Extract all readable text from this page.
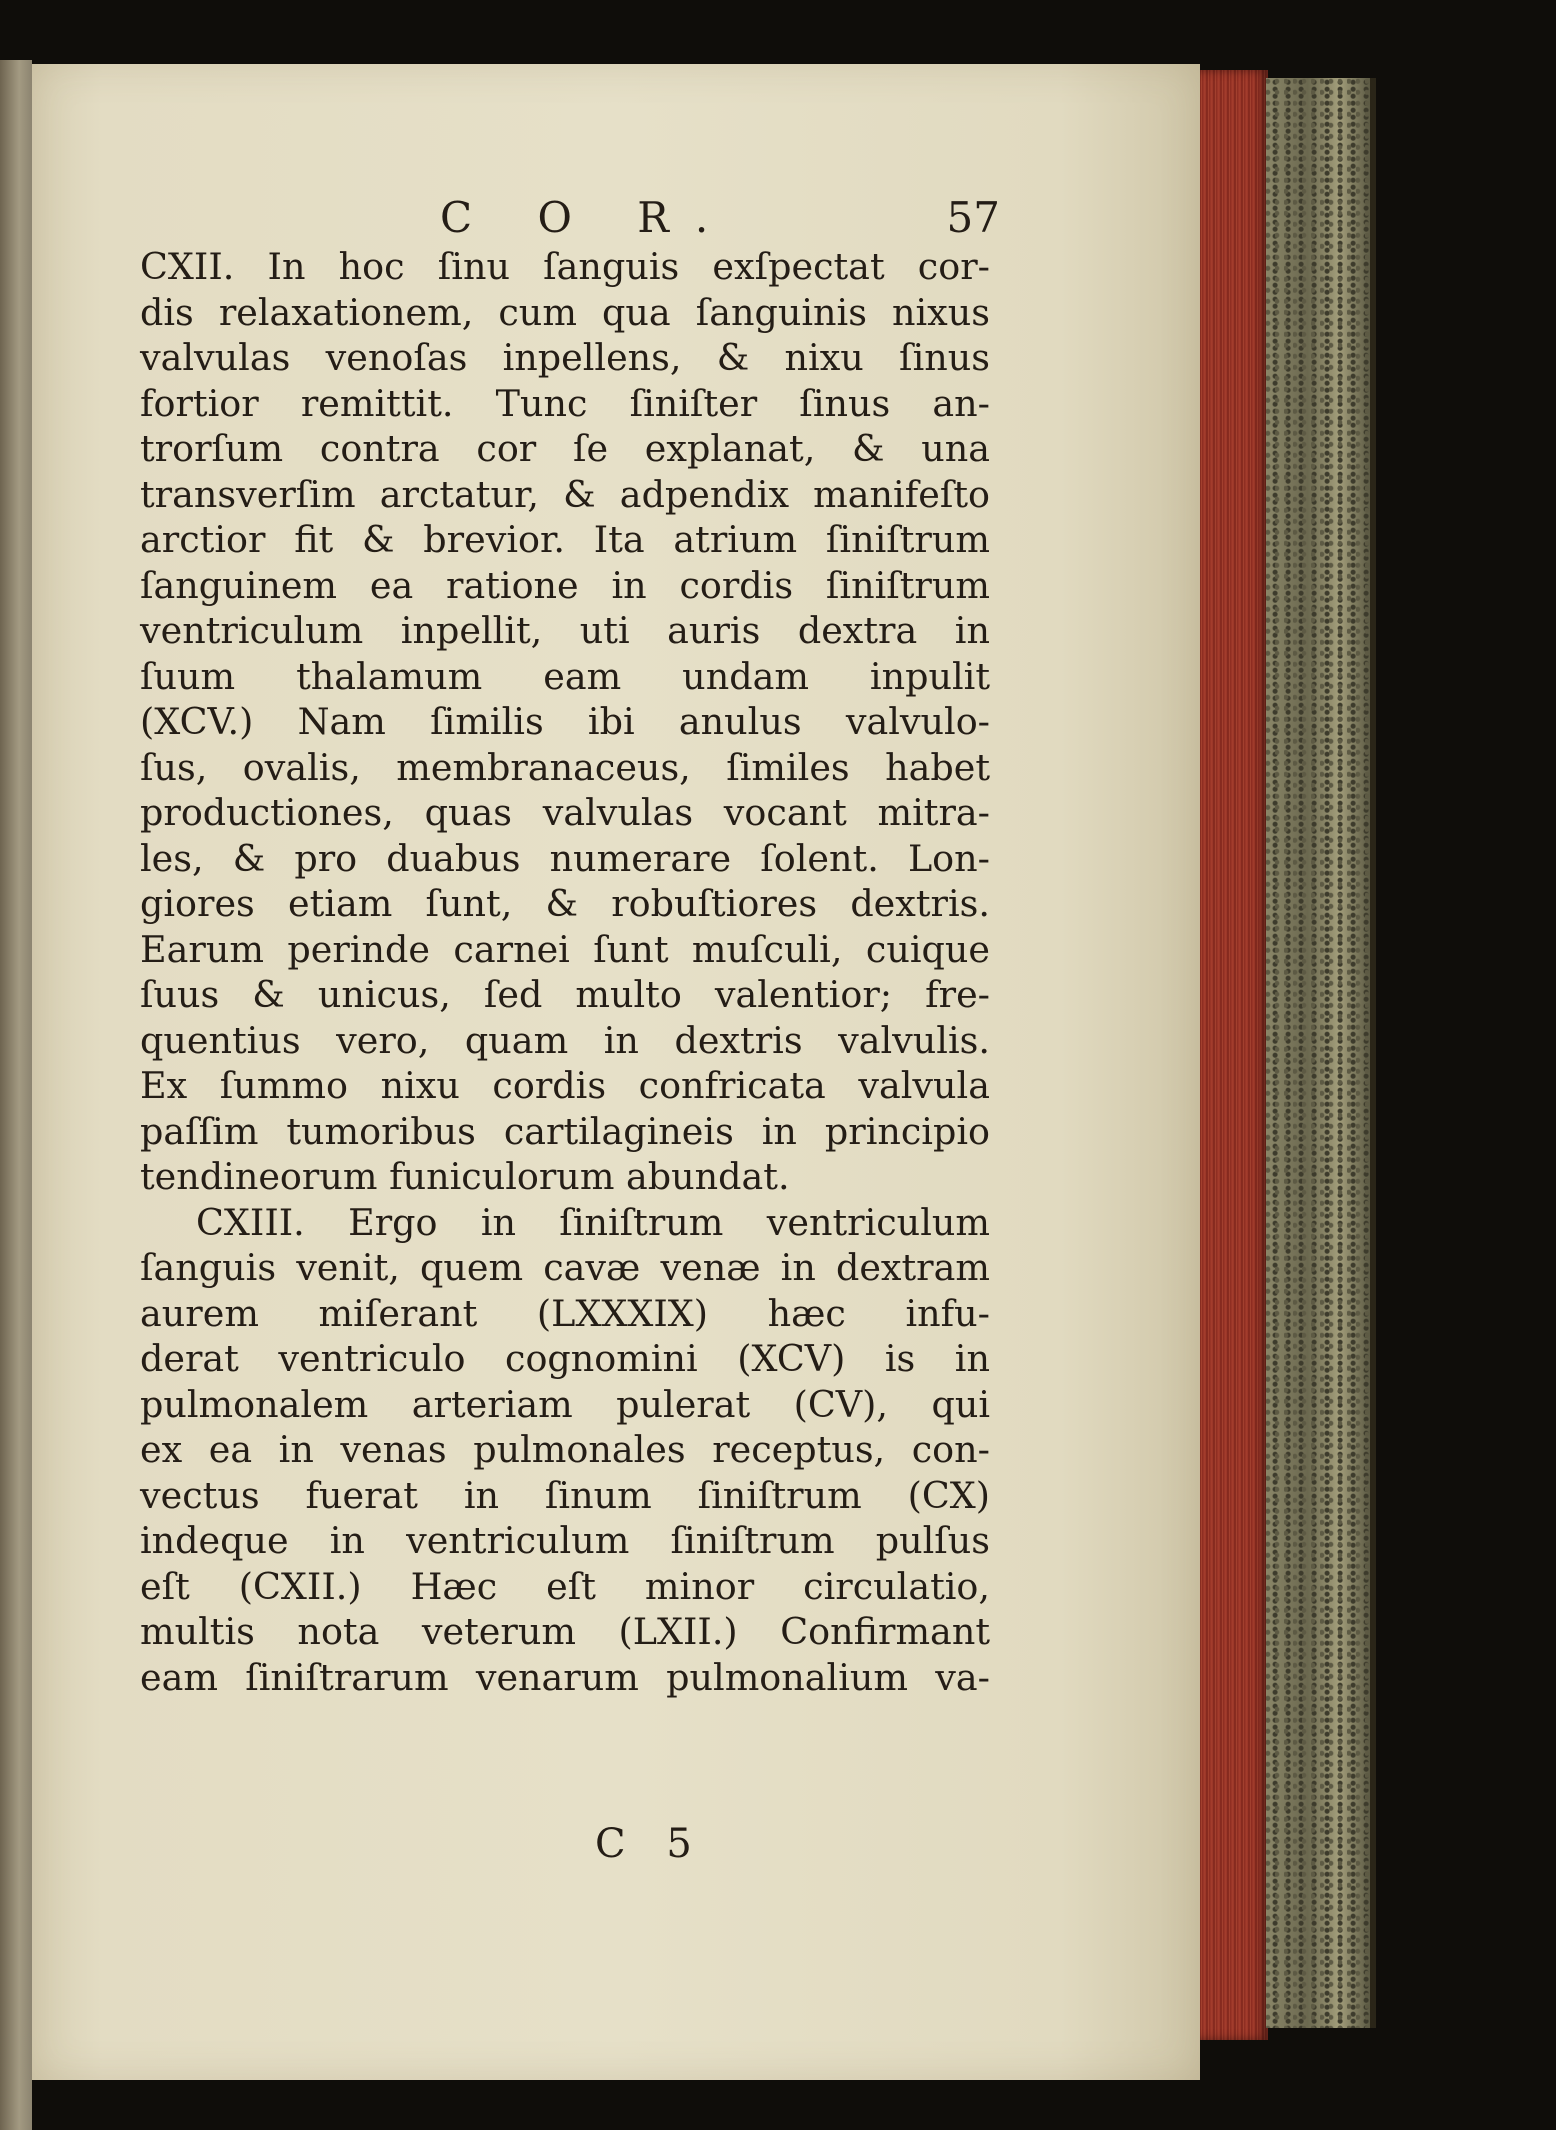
C O R.	57
CXII. In hoc ſinu ſanguis exſpectat cor-
dis relaxationem, cum qua ſanguinis nixus
valvulas venoſas inpellens, & nixu ſinus
fortior remittit. Tunc ſiniſter ſinus an-
trorſum contra cor ſe explanat, & una
transverſim arctatur, & adpendix manifeſto
arctior fit & brevior. Ita atrium ſiniſtrum
ſanguinem ea ratione in cordis ſiniſtrum
ventriculum inpellit, uti auris dextra in
ſuum thalamum eam undam inpulit
(XCV.) Nam ſimilis ibi anulus valvulo-
ſus, ovalis, membranaceus, ſimiles habet
productiones, quas valvulas vocant mitra-
les, & pro duabus numerare ſolent. Lon-
giores etiam ſunt, & robuſtiores dextris.
Earum perinde carnei ſunt muſculi, cuique
ſuus & unicus, ſed multo valentior; fre-
quentius vero, quam in dextris valvulis.
Ex ſummo nixu cordis confricata valvula
paſſim tumoribus cartilagineis in principio
tendineorum funiculorum abundat.
CXIII. Ergo in ſiniſtrum ventriculum
ſanguis venit, quem cavæ venæ in dextram
aurem miſerant (LXXXIX) hæc infu-
derat ventriculo cognomini (XCV) is in
pulmonalem arteriam pulerat (CV), qui
ex ea in venas pulmonales receptus, con-
vectus fuerat in ſinum ſiniſtrum (CX)
indeque in ventriculum ſiniſtrum pulſus
eſt (CXII.) Hæc eſt minor circulatio,
multis nota veterum (LXII.) Confirmant
eam ſiniſtrarum venarum pulmonalium va-
C 5
